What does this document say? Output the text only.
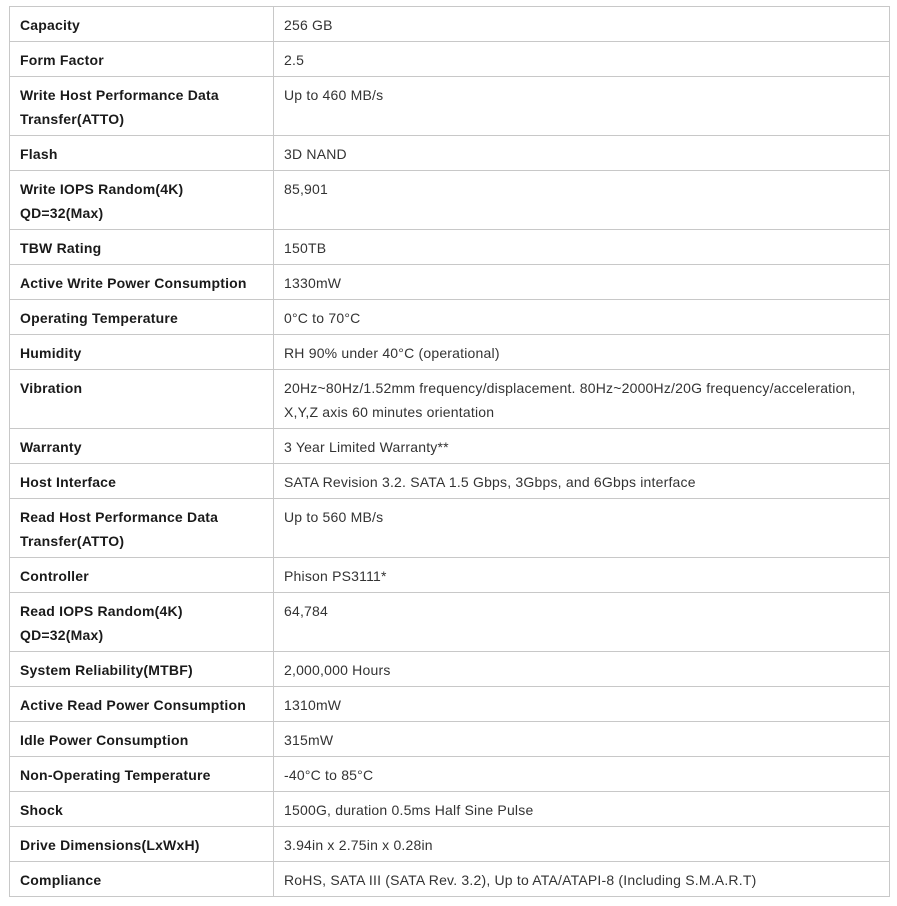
Capacity	256 GB
Form Factor	2.5
Write Host Performance Data Transfer(ATTO)	Up to 460 MB/s
Flash	3D NAND
Write IOPS Random(4K) QD=32(Max)	85,901
TBW Rating	150TB
Active Write Power Consumption	1330mW
Operating Temperature	0°C to 70°C
Humidity	RH 90% under 40°C (operational)
Vibration	20Hz~80Hz/1.52mm frequency/displacement. 80Hz~2000Hz/20G frequency/acceleration, X,Y,Z axis 60 minutes orientation
Warranty	3 Year Limited Warranty**
Host Interface	SATA Revision 3.2. SATA 1.5 Gbps, 3Gbps, and 6Gbps interface
Read Host Performance Data Transfer(ATTO)	Up to 560 MB/s
Controller	Phison PS3111*
Read IOPS Random(4K) QD=32(Max)	64,784
System Reliability(MTBF)	2,000,000 Hours
Active Read Power Consumption	1310mW
Idle Power Consumption	315mW
Non-Operating Temperature	-40°C to 85°C
Shock	1500G, duration 0.5ms Half Sine Pulse
Drive Dimensions(LxWxH)	3.94in x 2.75in x 0.28in
Compliance	RoHS, SATA III (SATA Rev. 3.2), Up to ATA/ATAPI-8 (Including S.M.A.R.T)
